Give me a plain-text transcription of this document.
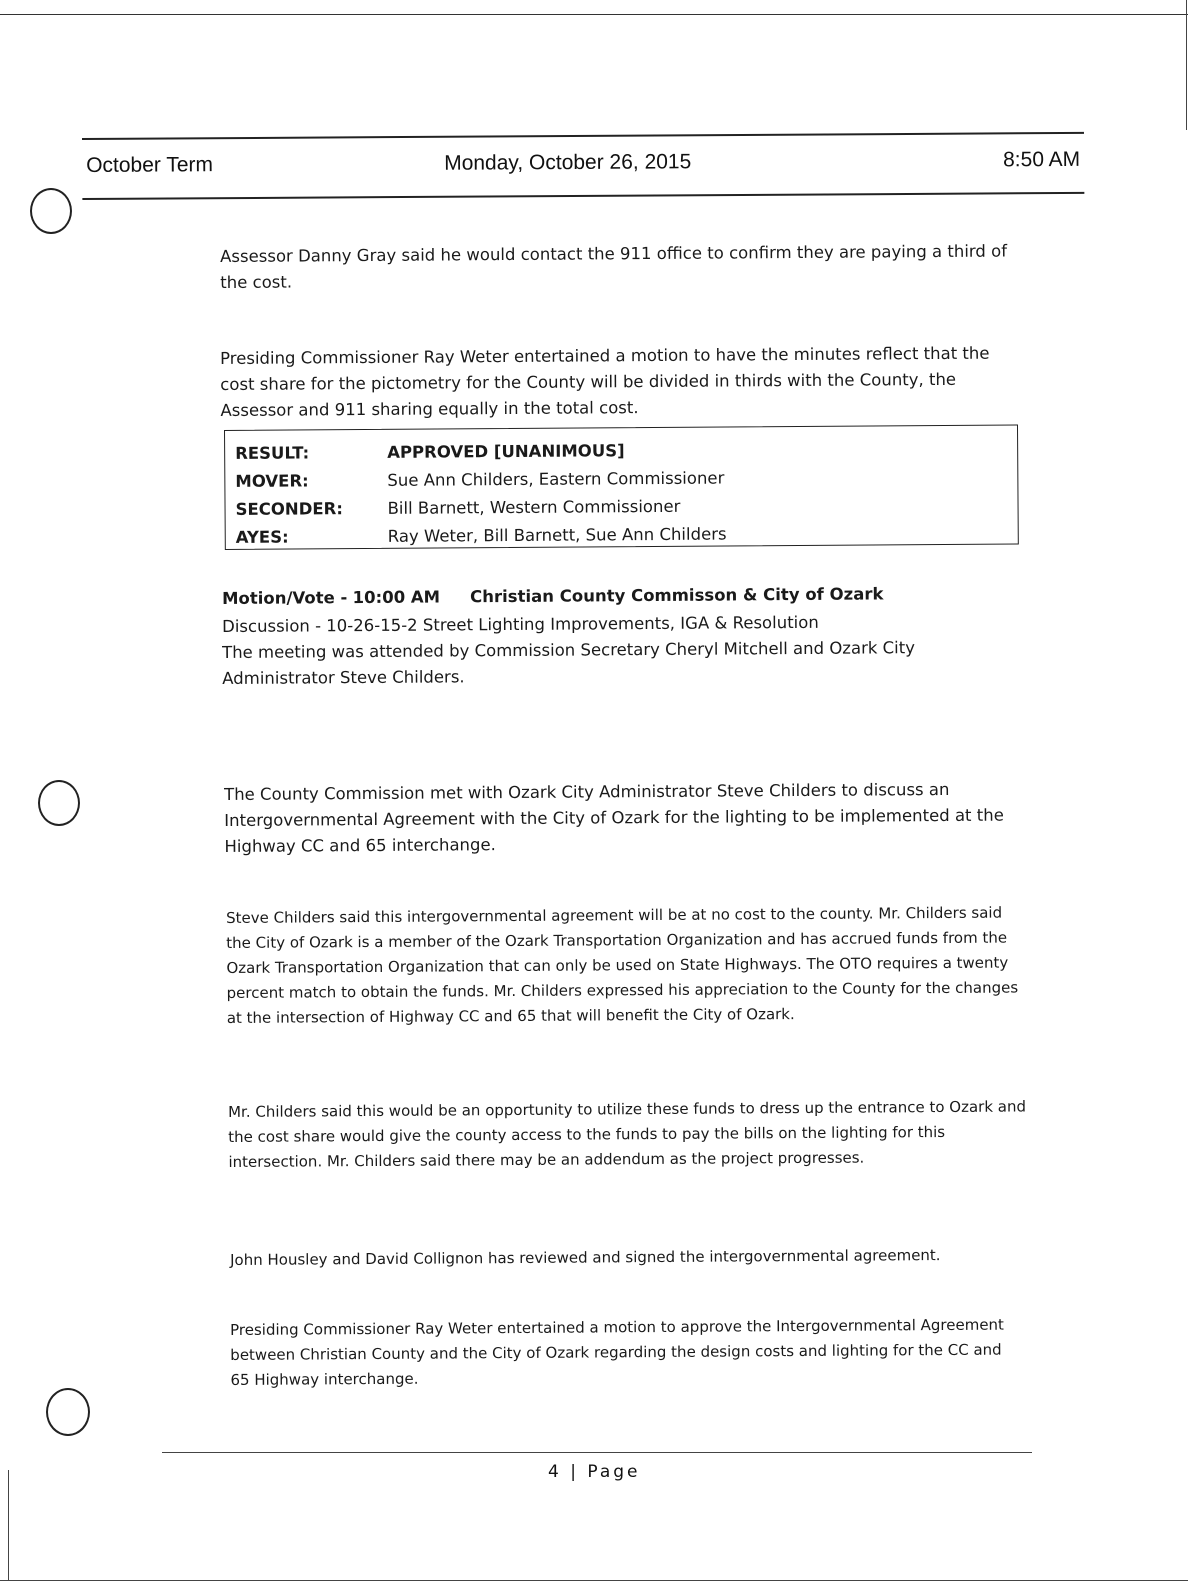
October Term	Monday, October 26, 2015	8:50 AM

Assessor Danny Gray said he would contact the 911 office to confirm they are paying a third of the cost.

Presiding Commissioner Ray Weter entertained a motion to have the minutes reflect that the cost share for the pictometry for the County will be divided in thirds with the County, the Assessor and 911 sharing equally in the total cost.

RESULT:	APPROVED [UNANIMOUS]
MOVER:	Sue Ann Childers, Eastern Commissioner
SECONDER:	Bill Barnett, Western Commissioner
AYES:	Ray Weter, Bill Barnett, Sue Ann Childers

Motion/Vote - 10:00 AM Christian County Commisson & City of Ozark

Discussion - 10-26-15-2 Street Lighting Improvements, IGA & Resolution

The meeting was attended by Commission Secretary Cheryl Mitchell and Ozark City Administrator Steve Childers.

The County Commission met with Ozark City Administrator Steve Childers to discuss an Intergovernmental Agreement with the City of Ozark for the lighting to be implemented at the Highway CC and 65 interchange.

Steve Childers said this intergovernmental agreement will be at no cost to the county. Mr. Childers said the City of Ozark is a member of the Ozark Transportation Organization and has accrued funds from the Ozark Transportation Organization that can only be used on State Highways. The OTO requires a twenty percent match to obtain the funds. Mr. Childers expressed his appreciation to the County for the changes at the intersection of Highway CC and 65 that will benefit the City of Ozark.

Mr. Childers said this would be an opportunity to utilize these funds to dress up the entrance to Ozark and the cost share would give the county access to the funds to pay the bills on the lighting for this intersection. Mr. Childers said there may be an addendum as the project progresses.

John Housley and David Collignon has reviewed and signed the intergovernmental agreement.

Presiding Commissioner Ray Weter entertained a motion to approve the Intergovernmental Agreement between Christian County and the City of Ozark regarding the design costs and lighting for the CC and 65 Highway interchange.

4 | Page
